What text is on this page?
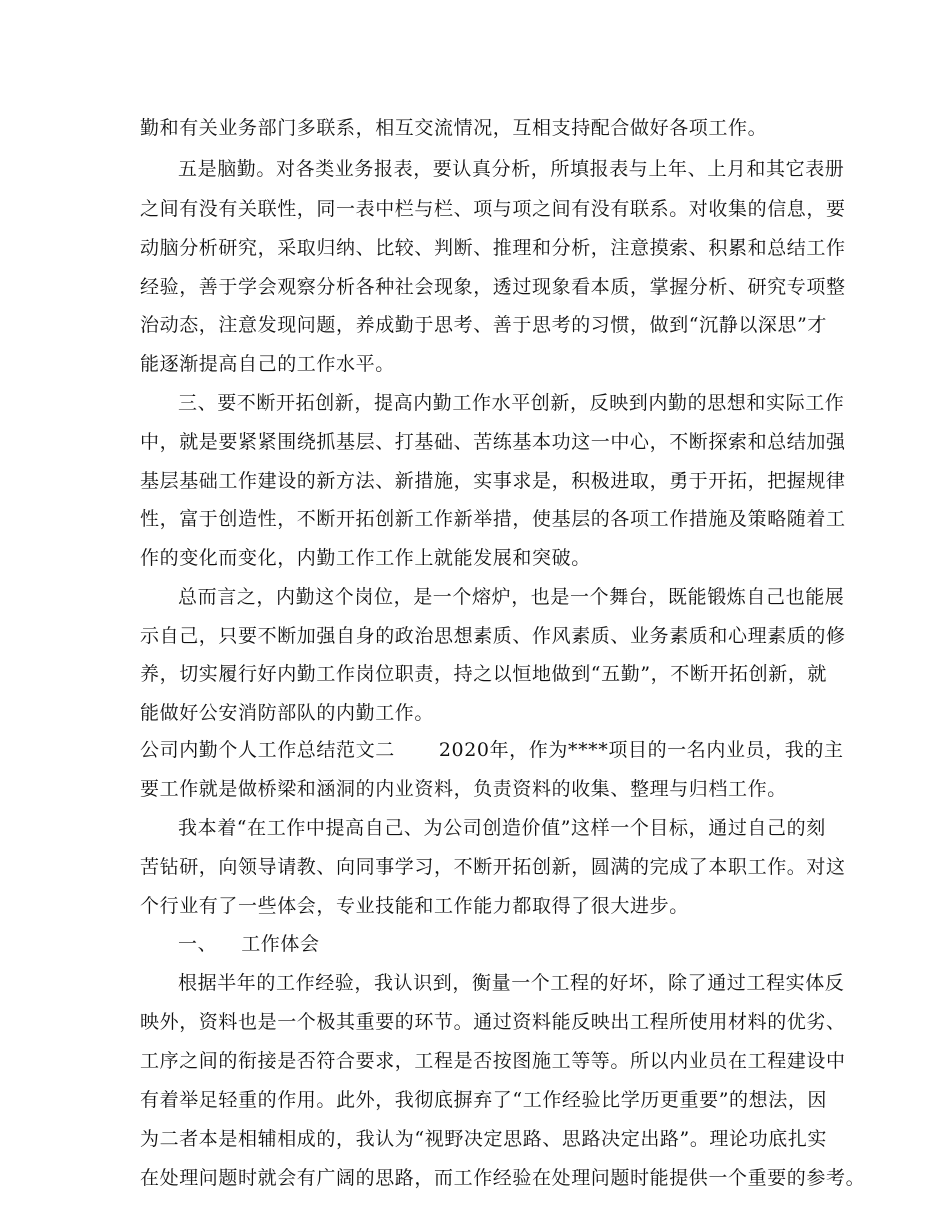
勤和有关业务部门多联系，相互交流情况，互相支持配合做好各项工作。
五是脑勤。对各类业务报表，要认真分析，所填报表与上年、上月和其它表册
之间有没有关联性，同一表中栏与栏、项与项之间有没有联系。对收集的信息，要
动脑分析研究，采取归纳、比较、判断、推理和分析，注意摸索、积累和总结工作
经验，善于学会观察分析各种社会现象，透过现象看本质，掌握分析、研究专项整
治动态，注意发现问题，养成勤于思考、善于思考的习惯，做到“沉静以深思”才
能逐渐提高自己的工作水平。
三、要不断开拓创新，提高内勤工作水平创新，反映到内勤的思想和实际工作
中，就是要紧紧围绕抓基层、打基础、苦练基本功这一中心，不断探索和总结加强
基层基础工作建设的新方法、新措施，实事求是，积极进取，勇于开拓，把握规律
性，富于创造性，不断开拓创新工作新举措，使基层的各项工作措施及策略随着工
作的变化而变化，内勤工作工作上就能发展和突破。
总而言之，内勤这个岗位，是一个熔炉，也是一个舞台，既能锻炼自己也能展
示自己，只要不断加强自身的政治思想素质、作风素质、业务素质和心理素质的修
养，切实履行好内勤工作岗位职责，持之以恒地做到“五勤”，不断开拓创新，就
能做好公安消防部队的内勤工作。
公司内勤个人工作总结范文二 2020年，作为****项目的一名内业员，我的主
要工作就是做桥梁和涵洞的内业资料，负责资料的收集、整理与归档工作。
我本着“在工作中提高自己、为公司创造价值”这样一个目标，通过自己的刻
苦钻研，向领导请教、向同事学习，不断开拓创新，圆满的完成了本职工作。对这
个行业有了一些体会，专业技能和工作能力都取得了很大进步。
一、 工作体会
根据半年的工作经验，我认识到，衡量一个工程的好坏，除了通过工程实体反
映外，资料也是一个极其重要的环节。通过资料能反映出工程所使用材料的优劣、
工序之间的衔接是否符合要求，工程是否按图施工等等。所以内业员在工程建设中
有着举足轻重的作用。此外，我彻底摒弃了“工作经验比学历更重要”的想法，因
为二者本是相辅相成的，我认为“视野决定思路、思路决定出路”。理论功底扎实
在处理问题时就会有广阔的思路，而工作经验在处理问题时能提供一个重要的参考。
